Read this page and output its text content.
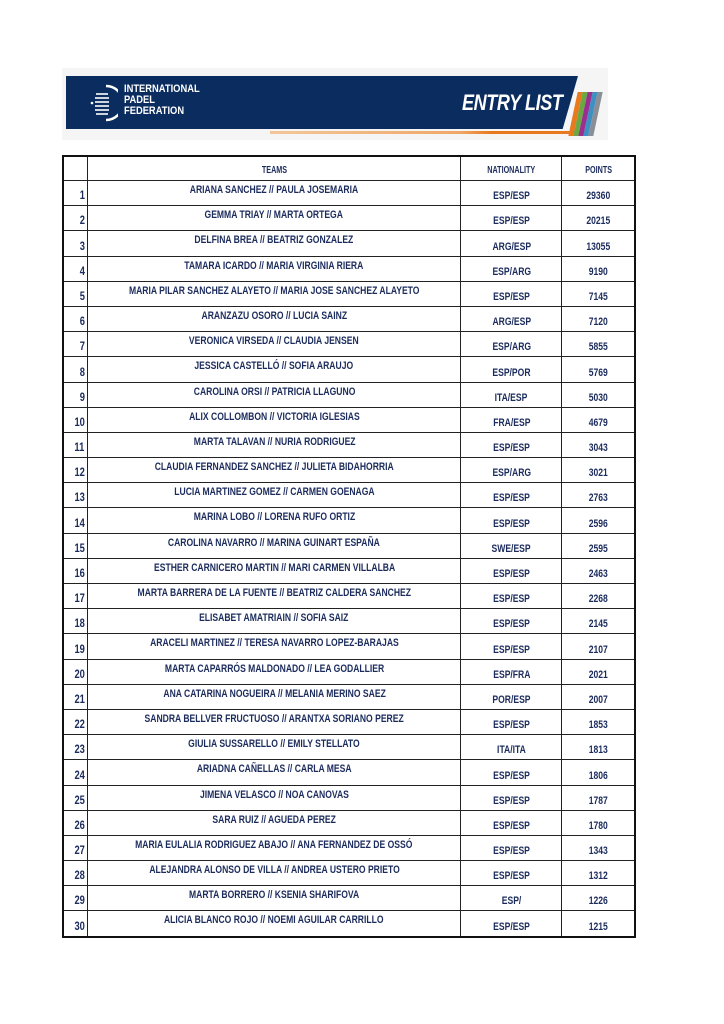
INTERNATIONAL
PADEL
FEDERATION	ENTRY LIST
	TEAMS	NATIONALITY	POINTS
1	ARIANA SANCHEZ // PAULA JOSEMARIA	ESP/ESP	29360
2	GEMMA TRIAY // MARTA ORTEGA	ESP/ESP	20215
3	DELFINA BREA // BEATRIZ GONZALEZ	ARG/ESP	13055
4	TAMARA ICARDO // MARIA VIRGINIA RIERA	ESP/ARG	9190
5	MARIA PILAR SANCHEZ ALAYETO // MARIA JOSE SANCHEZ ALAYETO	ESP/ESP	7145
6	ARANZAZU OSORO // LUCIA SAINZ	ARG/ESP	7120
7	VERONICA VIRSEDA // CLAUDIA JENSEN	ESP/ARG	5855
8	JESSICA CASTELLÓ // SOFIA ARAUJO	ESP/POR	5769
9	CAROLINA ORSI // PATRICIA LLAGUNO	ITA/ESP	5030
10	ALIX COLLOMBON // VICTORIA IGLESIAS	FRA/ESP	4679
11	MARTA TALAVAN // NURIA RODRIGUEZ	ESP/ESP	3043
12	CLAUDIA FERNANDEZ SANCHEZ // JULIETA BIDAHORRIA	ESP/ARG	3021
13	LUCIA MARTINEZ GOMEZ // CARMEN GOENAGA	ESP/ESP	2763
14	MARINA LOBO // LORENA RUFO ORTIZ	ESP/ESP	2596
15	CAROLINA NAVARRO // MARINA GUINART ESPAÑA	SWE/ESP	2595
16	ESTHER CARNICERO MARTIN // MARI CARMEN VILLALBA	ESP/ESP	2463
17	MARTA BARRERA DE LA FUENTE // BEATRIZ CALDERA SANCHEZ	ESP/ESP	2268
18	ELISABET AMATRIAIN // SOFIA SAIZ	ESP/ESP	2145
19	ARACELI MARTINEZ // TERESA NAVARRO LOPEZ-BARAJAS	ESP/ESP	2107
20	MARTA CAPARRÓS MALDONADO // LEA GODALLIER	ESP/FRA	2021
21	ANA CATARINA NOGUEIRA // MELANIA MERINO SAEZ	POR/ESP	2007
22	SANDRA BELLVER FRUCTUOSO // ARANTXA SORIANO PEREZ	ESP/ESP	1853
23	GIULIA SUSSARELLO // EMILY STELLATO	ITA/ITA	1813
24	ARIADNA CAÑELLAS // CARLA MESA	ESP/ESP	1806
25	JIMENA VELASCO // NOA CANOVAS	ESP/ESP	1787
26	SARA RUIZ // AGUEDA PEREZ	ESP/ESP	1780
27	MARIA EULALIA RODRIGUEZ ABAJO // ANA FERNANDEZ DE OSSÓ	ESP/ESP	1343
28	ALEJANDRA ALONSO DE VILLA // ANDREA USTERO PRIETO	ESP/ESP	1312
29	MARTA BORRERO // KSENIA SHARIFOVA	ESP/	1226
30	ALICIA BLANCO ROJO // NOEMI AGUILAR CARRILLO	ESP/ESP	1215
